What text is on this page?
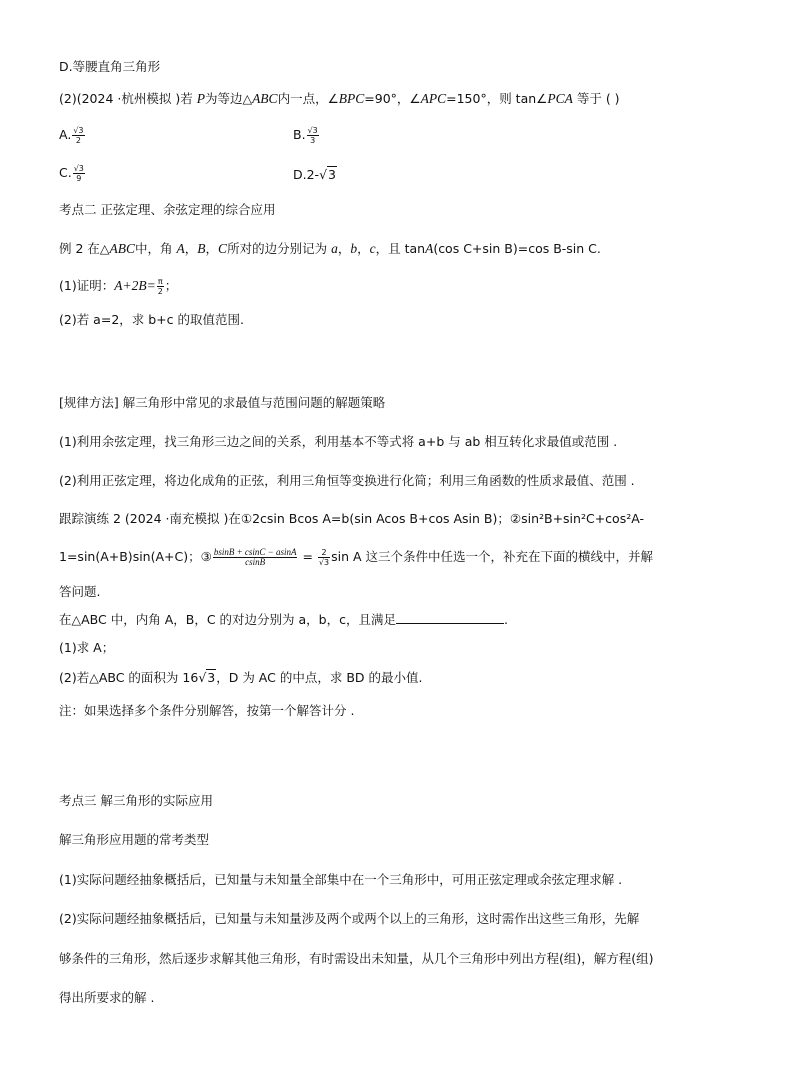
D.等腰直角三角形
(2)(2024 ·杭州模拟 )若 P为等边△ABC内一点，∠BPC=90°，∠APC=150°，则 tan∠PCA 等于 ( )
A. $\frac{√3}{2}$	B. $\frac{√3}{3}$
C. $\frac{√3}{9}$	D.2-√3
考点二 正弦定理、余弦定理的综合应用
例 2 在△ABC中，角 A，B，C所对的边分别记为 a，b，c，且 tanA(cos C+sin B)=cos B-sin C.
(1)证明：$A+2B= \frac{\pi}{2}$ ；
(2)若 a=2，求 b+c 的取值范围.
[规律方法] 解三角形中常见的求最值与范围问题的解题策略
(1)利用余弦定理，找三角形三边之间的关系，利用基本不等式将 a+b 与 ab 相互转化求最值或范围 .
(2)利用正弦定理，将边化成角的正弦，利用三角恒等变换进行化简；利用三角函数的性质求最值、范围 .
跟踪演练 2 (2024 ·南充模拟 )在①2csin Bcos A=b(sin Acos B+cos Asin B)；②sin²B+sin²C+cos²A-
1=sin(A+B)sin(A+C)；③ $\frac{bsinB + csinC - asinA}{csinB} = \frac{2}{√3}$ sin A 这三个条件中任选一个，补充在下面的横线中，并解
答问题.
在△ABC 中，内角 A，B，C 的对边分别为 a，b，c，且满足	.
(1)求 A；
(2)若△ABC 的面积为 16√3，D 为 AC 的中点，求 BD 的最小值.
注：如果选择多个条件分别解答，按第一个解答计分 .
考点三 解三角形的实际应用
解三角形应用题的常考类型
(1)实际问题经抽象概括后，已知量与未知量全部集中在一个三角形中，可用正弦定理或余弦定理求解 .
(2)实际问题经抽象概括后，已知量与未知量涉及两个或两个以上的三角形，这时需作出这些三角形，先解
够条件的三角形，然后逐步求解其他三角形，有时需设出未知量，从几个三角形中列出方程(组)，解方程(组)
得出所要求的解 .
